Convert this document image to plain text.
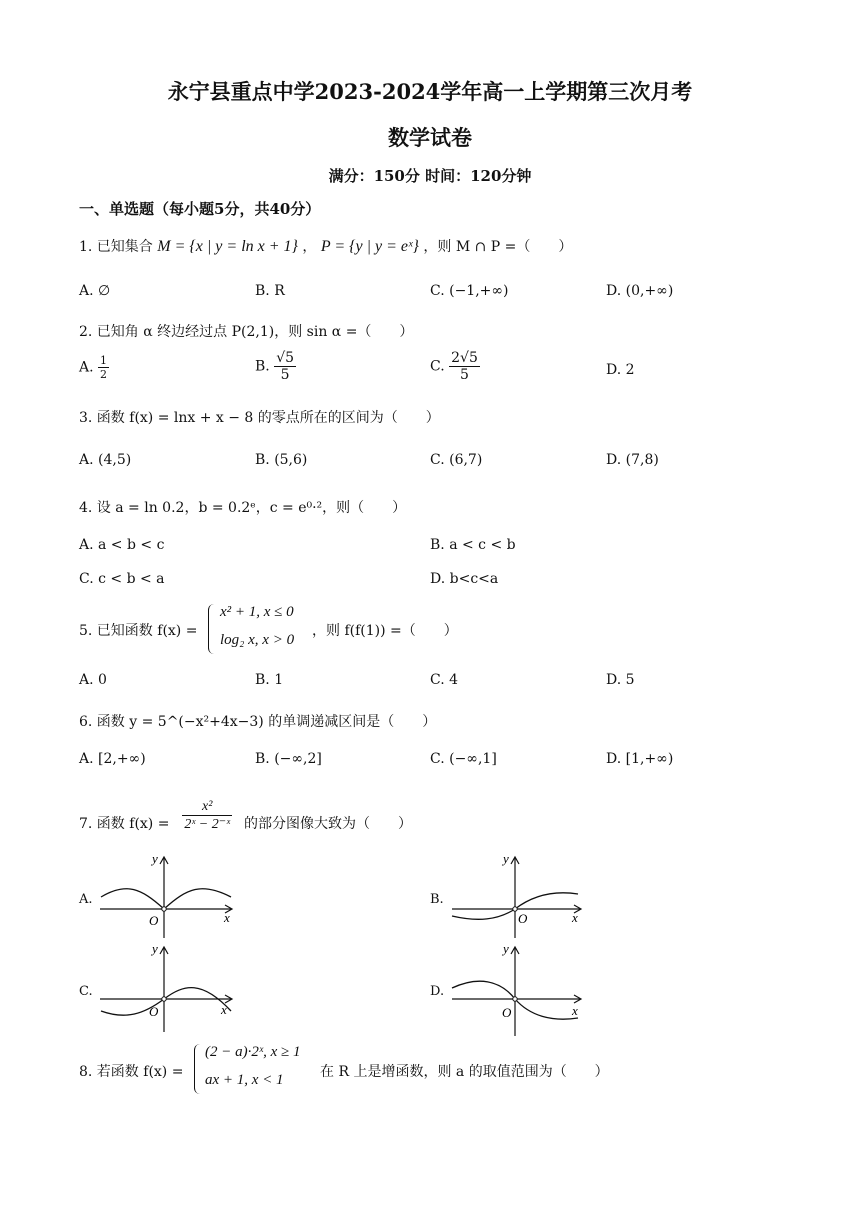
永宁县重点中学2023-2024学年高一上学期第三次月考
数学试卷
满分：150分 时间：120分钟
一、单选题（每小题5分，共40分）
1. 已知集合 M = {x | y = ln x + 1} ， P = {y | y = eˣ} ，则 M ∩ P =（　　）
A. ∅	B. R	C. (−1,+∞)	D. (0,+∞)
2. 已知角 α 终边经过点 P(2,1)，则 sin α =（　　）
A. $\frac{1}{2}$	B. $\frac{√5}{5}$	C. $\frac{2√5}{5}$	D. 2
3. 函数 f(x) = lnx + x − 8 的零点所在的区间为（　　）
A. (4,5)	B. (5,6)	C. (6,7)	D. (7,8)
4. 设 a = ln 0.2，b = 0.2ᵉ，c = e⁰·²，则（　　）
A. a < b < c	B. a < c < b
C. c < b < a	D. b<c<a
5. 已知函数 f(x) =
x² + 1, x ≤ 0
log₂ x, x > 0
，则 f(f(1)) =（　　）
A. 0	B. 1	C. 4	D. 5
6. 函数 y = 5^(−x²+4x−3) 的单调递减区间是（　　）
A. [2,+∞)	B. (−∞,2]	C. (−∞,1]	D. [1,+∞)
7. 函数 $f(x) = \frac{\text{x²}}{\text{2ˣ − 2⁻ˣ}}$ 的部分图像大致为（　　）
A.	B.
C.	D.
y
x
O
y
x
O
y
x
O
y
x
O
8. 若函数 f(x) =
(2 − a)·2ˣ, x ≥ 1
ax + 1, x < 1	在 R 上是增函数，则 a 的取值范围为（　　）
